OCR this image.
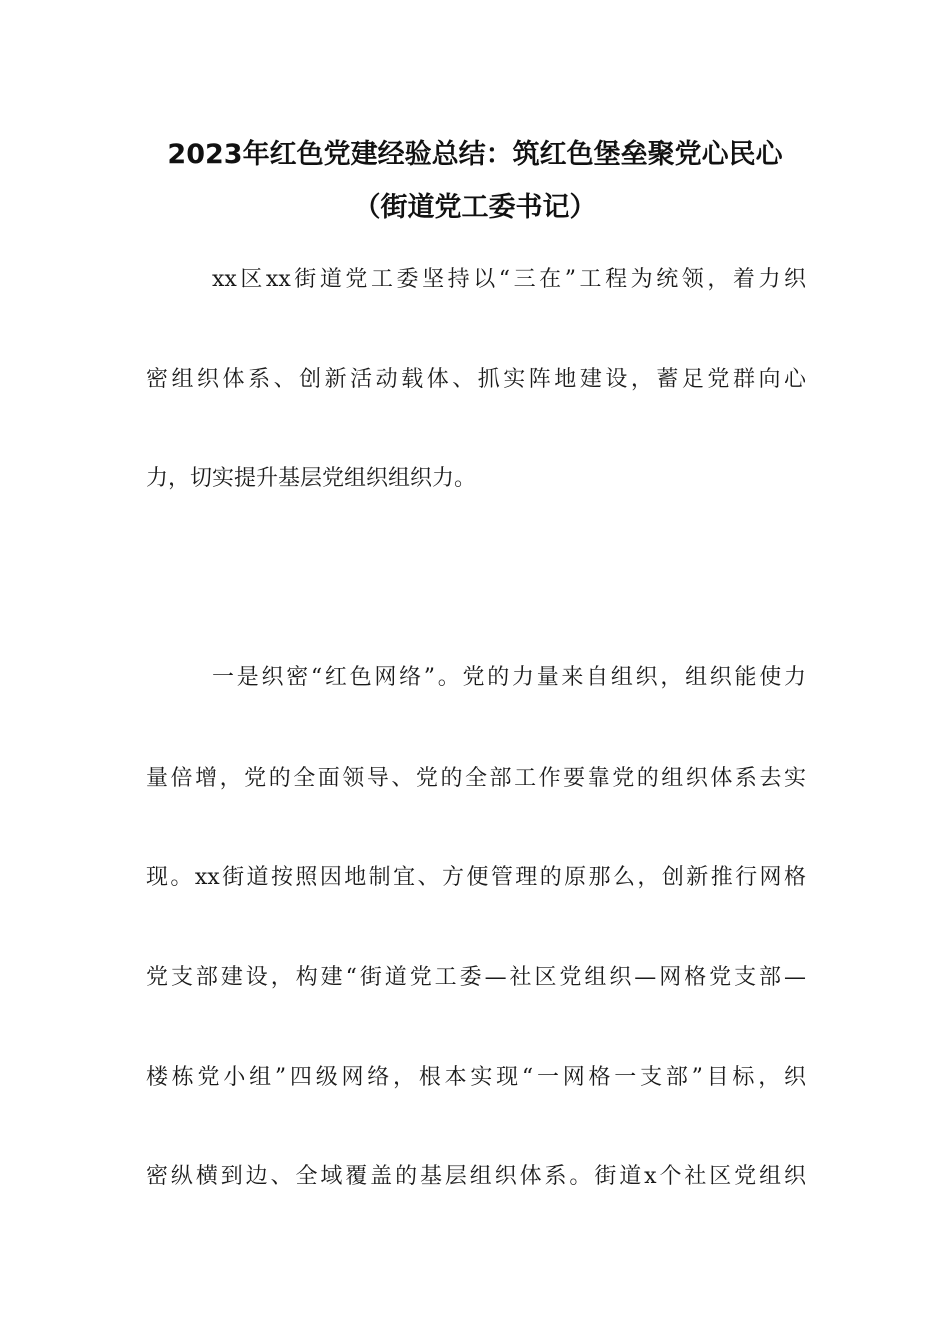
2023年红色党建经验总结：筑红色堡垒聚党心民心
（街道党工委书记）
xx区xx街道党工委坚持以“三在”工程为统领，着力织
密组织体系、创新活动载体、抓实阵地建设，蓄足党群向心
力，切实提升基层党组织组织力。
一是织密“红色网络”。党的力量来自组织，组织能使力
量倍增，党的全面领导、党的全部工作要靠党的组织体系去实
现。xx街道按照因地制宜、方便管理的原那么，创新推行网格
党支部建设，构建“街道党工委—社区党组织—网格党支部—
楼栋党小组”四级网络，根本实现“一网格一支部”目标，织
密纵横到边、全域覆盖的基层组织体系。街道x个社区党组织
